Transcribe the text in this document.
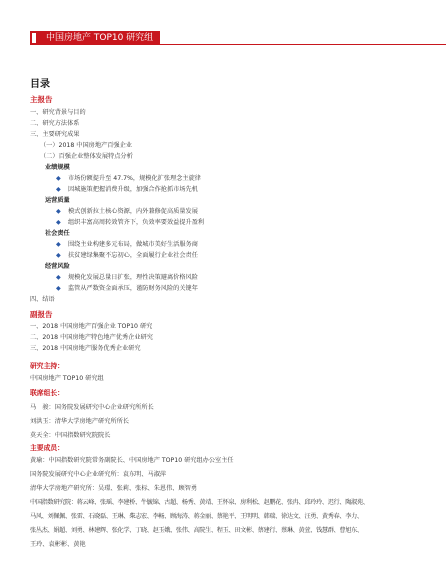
中国房地产 TOP10 研究组
目录
主报告
一、研究背景与目的
二、研究方法体系
三、主要研究成果
（一）2018 中国房地产百强企业
（二）百强企业整体发展特点分析
业绩规模
◆ 市场份额提升至 47.7%，规模化扩张理念主旋律
◆ 因城施策把握消费升级，加强合作抢抓市场先机
运营质量
◆ 模式创新拉土核心资源，内外兼修促高质量发展
◆ 组织丰富高周转效管齐下，负效率要效益提升盈利
社会责任
◆ 围绕主业构建多元布局，做城市美好生活服务商
◆ 扶贫建绿集聚不忘初心，全面履行企业社会责任
经营风险
◆ 规模化发展总量日扩张，理性决策避离价格风险
◆ 监管从严数资金面承压，谨防财务风险的关键年
四、结语
副报告
一、2018 中国房地产百强企业 TOP10 研究
二、2018 中国房地产特色地产优秀企业研究
三、2018 中国房地产服务优秀企业研究
研究主持：
中国房地产 TOP10 研究组
联席组长：
马　骏：国务院发展研究中心企业研究所所长
刘洪玉：清华大学房地产研究所所长
莫天全：中国指数研究院院长
主要成员：
黄瑜：中国指数研究院常务副院长、中国房地产 TOP10 研究组办公室主任
国务院发展研究中心企业研究所：袁东明、马淑萍
清华大学房地产研究所：吴璟、张莉、张标、朱恩伟、顾智勇
中国指数研究院：蒋云峰、张瑶、李建桥、牛毓锦、古超、杨秀、黄靖、王怀泉、房利松、赵鹏花、张冉、邱玲玲、迟行、陶淑苑、
马风、刘佩佩、张雷、石晓磊、王琳、柴志宏、李畅、顾海涛、蒋金丽、蔡艳平、王明明、韩瑞、徐达文、汪勇、黄秀春、李力、
张丛杰、娟超、刘勇、林建辉、张化学、丁晓、赵玉娥、张伟、高院生、程玉、田文彬、蔡建行、蔡琳、黄萱、钱慧群、曹旭东、
王玲、袁彬彬、黄艳
